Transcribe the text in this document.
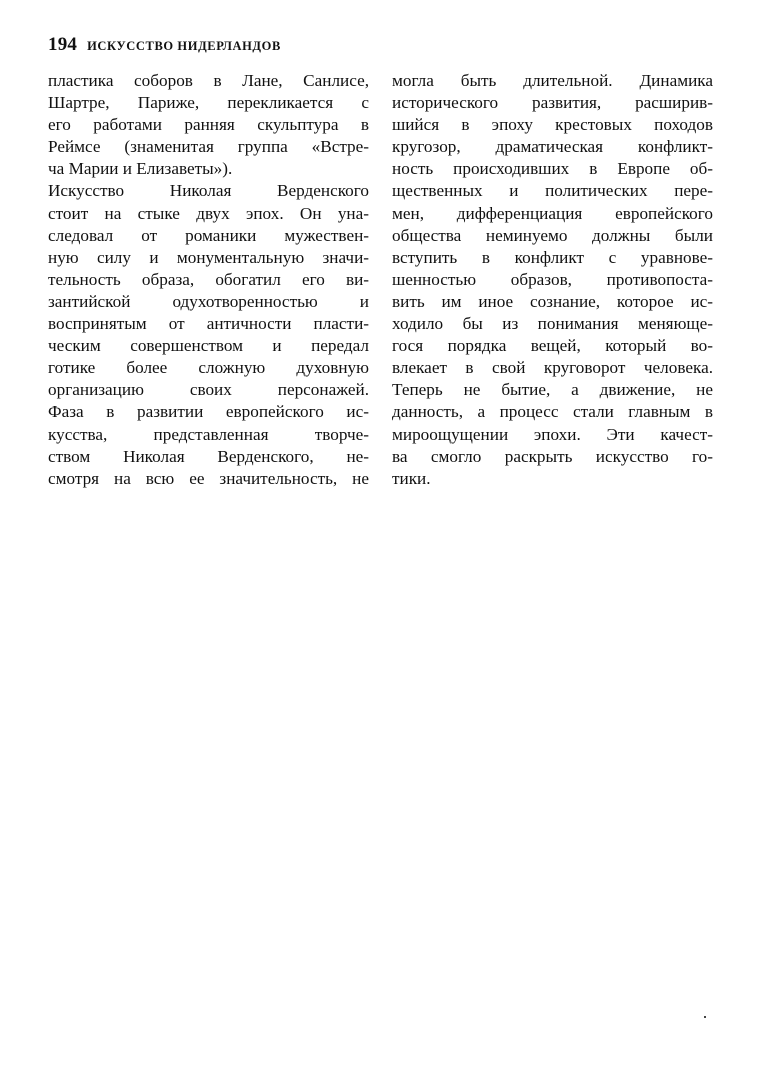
194 ИСКУССТВО НИДЕРЛАНДОВ
пластика соборов в Лане, Санлисе,
Шартре, Париже, перекликается с
его работами ранняя скульптура в
Реймсе (знаменитая группа «Встре-
ча Марии и Елизаветы»).
Искусство Николая Верденского
стоит на стыке двух эпох. Он уна-
следовал от романики мужествен-
ную силу и монументальную значи-
тельность образа, обогатил его ви-
зантийской одухотворенностью и
воспринятым от античности пласти-
ческим совершенством и передал
готике более сложную духовную
организацию своих персонажей.
Фаза в развитии европейского ис-
кусства, представленная творче-
ством Николая Верденского, не-
смотря на всю ее значительность, не
могла быть длительной. Динамика
исторического развития, расширив-
шийся в эпоху крестовых походов
кругозор, драматическая конфликт-
ность происходивших в Европе об-
щественных и политических пере-
мен, дифференциация европейского
общества неминуемо должны были
вступить в конфликт с уравнове-
шенностью образов, противопоста-
вить им иное сознание, которое ис-
ходило бы из понимания меняюще-
гося порядка вещей, который во-
влекает в свой круговорот человека.
Теперь не бытие, а движение, не
данность, а процесс стали главным в
мироощущении эпохи. Эти качест-
ва смогло раскрыть искусство го-
тики.
